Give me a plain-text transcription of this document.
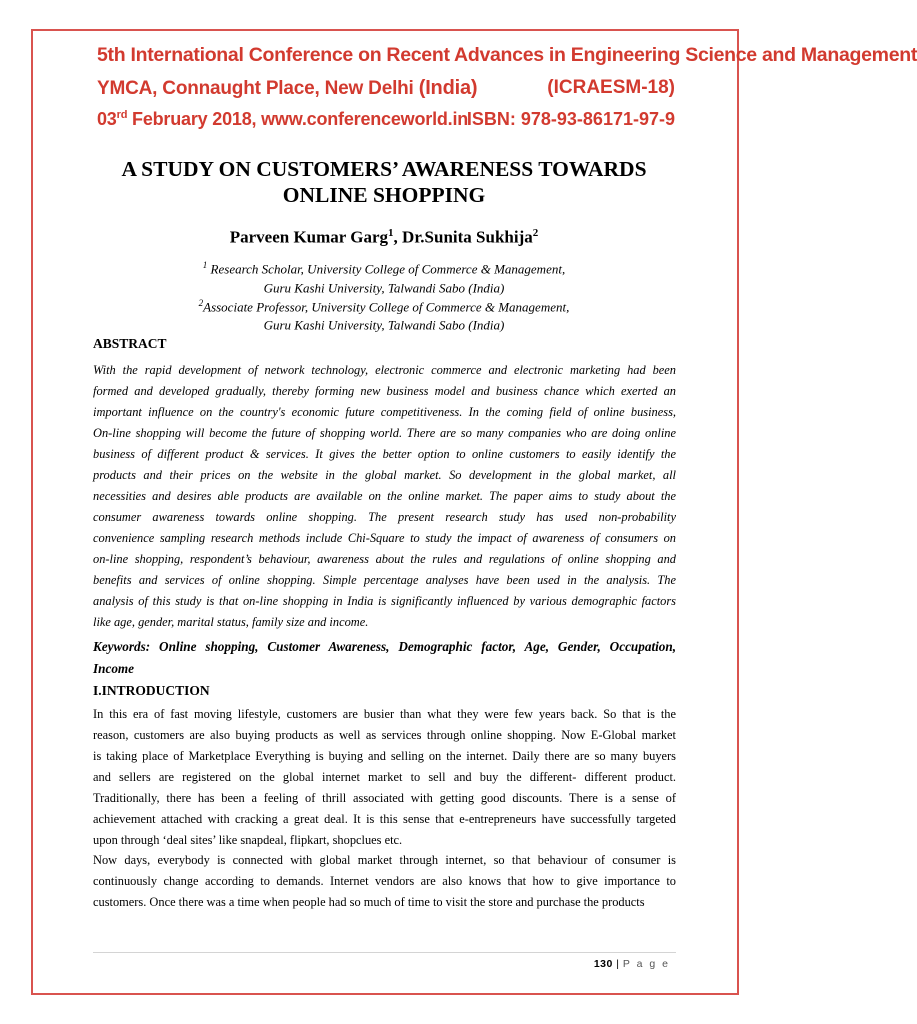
5th International Conference on Recent Advances in Engineering Science and Management
YMCA, Connaught Place, New Delhi (India)	(ICRAESM-18)
03rd February 2018, www.conferenceworld.in
ISBN: 978-93-86171-97-9
A STUDY ON CUSTOMERS’ AWARENESS TOWARDS
ONLINE SHOPPING
Parveen Kumar Garg$^1$, Dr.Sunita Sukhija$^2$
$^1$ Research Scholar, University College of Commerce & Management,
Guru Kashi University, Talwandi Sabo (India)
$^2$Associate Professor, University College of Commerce & Management,
Guru Kashi University, Talwandi Sabo (India)
ABSTRACT
With the rapid development of network technology, electronic commerce and electronic marketing had been
formed and developed gradually, thereby forming new business model and business chance which exerted an
important influence on the country's economic future competitiveness. In the coming field of online business,
On-line shopping will become the future of shopping world. There are so many companies who are doing online
business of different product & services. It gives the better option to online customers to easily identify the
products and their prices on the website in the global market. So development in the global market, all
necessities and desires able products are available on the online market. The paper aims to study about the
consumer awareness towards online shopping. The present research study has used non-probability
convenience sampling research methods include Chi-Square to study the impact of awareness of consumers on
on-line shopping, respondent’s behaviour, awareness about the rules and regulations of online shopping and
benefits and services of online shopping. Simple percentage analyses have been used in the analysis. The
analysis of this study is that on-line shopping in India is significantly influenced by various demographic factors
like age, gender, marital status, family size and income.
Keywords: Online shopping, Customer Awareness, Demographic factor, Age, Gender, Occupation,
Income
I.INTRODUCTION
In this era of fast moving lifestyle, customers are busier than what they were few years back. So that is the
reason, customers are also buying products as well as services through online shopping. Now E-Global market
is taking place of Marketplace Everything is buying and selling on the internet. Daily there are so many buyers
and sellers are registered on the global internet market to sell and buy the different- different product.
Traditionally, there has been a feeling of thrill associated with getting good discounts. There is a sense of
achievement attached with cracking a great deal. It is this sense that e-entrepreneurs have successfully targeted
upon through ‘deal sites’ like snapdeal, flipkart, shopclues etc.
Now days, everybody is connected with global market through internet, so that behaviour of consumer is
continuously change according to demands. Internet vendors are also knows that how to give importance to
customers. Once there was a time when people had so much of time to visit the store and purchase the products
130 | P a g e
